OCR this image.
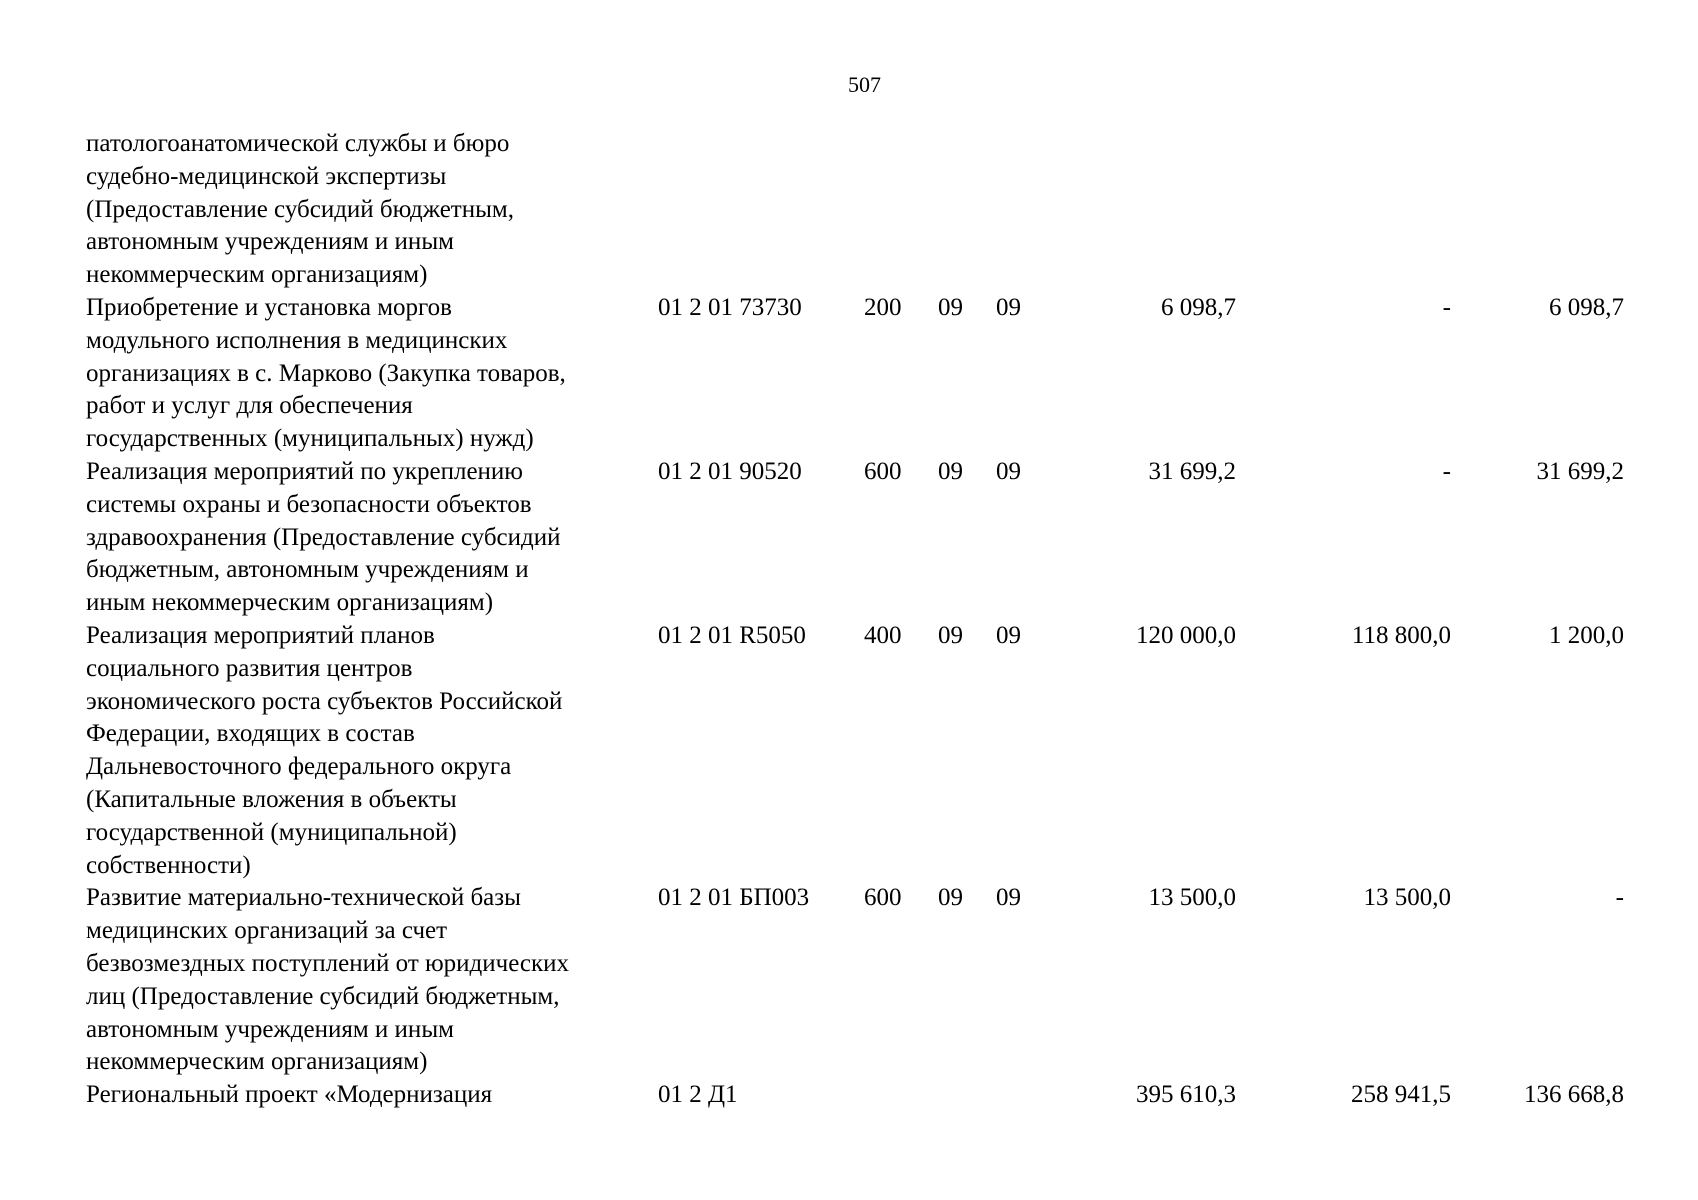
507
патологоанатомической службы и бюро
судебно-медицинской экспертизы
(Предоставление субсидий бюджетным,
автономным учреждениям и иным
некоммерческим организациям)
Приобретение и установка моргов
модульного исполнения в медицинских
организациях в с. Марково (Закупка товаров,
работ и услуг для обеспечения
государственных (муниципальных) нужд)
01 2 01 73730 200 09 09	6 098,7	-	6 098,7
Реализация мероприятий по укреплению
системы охраны и безопасности объектов
здравоохранения (Предоставление субсидий
бюджетным, автономным учреждениям и
иным некоммерческим организациям)
01 2 01 90520 600 09 09	31 699,2	-	31 699,2
Реализация мероприятий планов
социального развития центров
экономического роста субъектов Российской
Федерации, входящих в состав
Дальневосточного федерального округа
(Капитальные вложения в объекты
государственной (муниципальной)
собственности)
01 2 01 R5050 400 09 09	120 000,0	118 800,0	1 200,0
Развитие материально-технической базы
медицинских организаций за счет
безвозмездных поступлений от юридических
лиц (Предоставление субсидий бюджетным,
автономным учреждениям и иным
некоммерческим организациям)
01 2 01 БП003 600 09 09	13 500,0	13 500,0	-
Региональный проект «Модернизация	01 2 Д1	395 610,3	258 941,5	136 668,8
